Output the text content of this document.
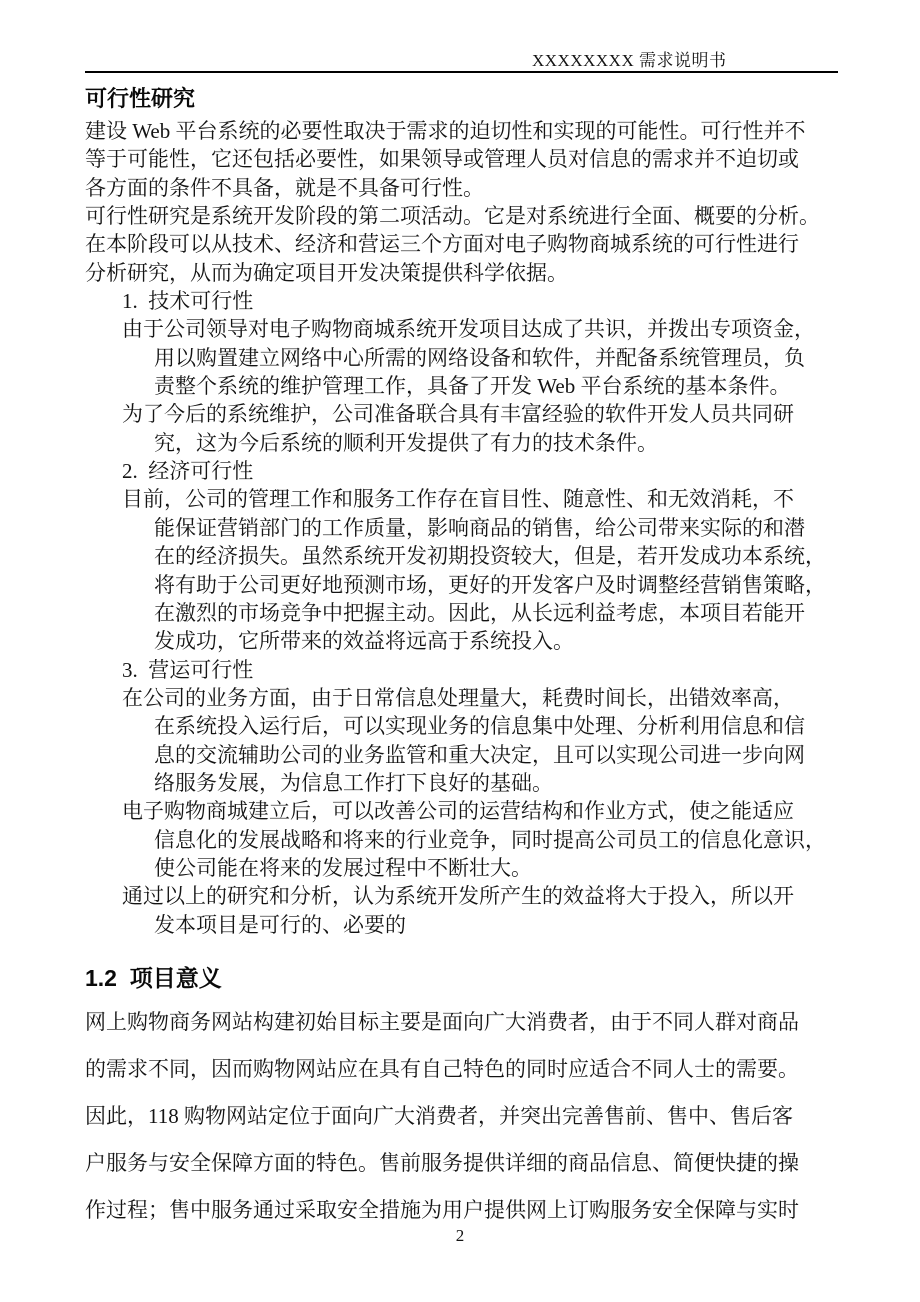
XXXXXXXX 需求说明书
可行性研究
建设 Web 平台系统的必要性取决于需求的迫切性和实现的可能性。可行性并不
等于可能性，它还包括必要性，如果领导或管理人员对信息的需求并不迫切或
各方面的条件不具备，就是不具备可行性。
可行性研究是系统开发阶段的第二项活动。它是对系统进行全面、概要的分析。
在本阶段可以从技术、经济和营运三个方面对电子购物商城系统的可行性进行
分析研究，从而为确定项目开发决策提供科学依据。
1.  技术可行性
由于公司领导对电子购物商城系统开发项目达成了共识，并拨出专项资金，
用以购置建立网络中心所需的网络设备和软件，并配备系统管理员，负
责整个系统的维护管理工作，具备了开发 Web 平台系统的基本条件。
为了今后的系统维护，公司准备联合具有丰富经验的软件开发人员共同研
究，这为今后系统的顺利开发提供了有力的技术条件。
2.  经济可行性
目前，公司的管理工作和服务工作存在盲目性、随意性、和无效消耗，不
能保证营销部门的工作质量，影响商品的销售，给公司带来实际的和潜
在的经济损失。虽然系统开发初期投资较大，但是，若开发成功本系统，
将有助于公司更好地预测市场，更好的开发客户及时调整经营销售策略，
在激烈的市场竞争中把握主动。因此，从长远利益考虑，本项目若能开
发成功，它所带来的效益将远高于系统投入。
3.  营运可行性
在公司的业务方面，由于日常信息处理量大，耗费时间长，出错效率高，
在系统投入运行后，可以实现业务的信息集中处理、分析利用信息和信
息的交流辅助公司的业务监管和重大决定，且可以实现公司进一步向网
络服务发展，为信息工作打下良好的基础。
电子购物商城建立后，可以改善公司的运营结构和作业方式，使之能适应
信息化的发展战略和将来的行业竞争，同时提高公司员工的信息化意识，
使公司能在将来的发展过程中不断壮大。
通过以上的研究和分析，认为系统开发所产生的效益将大于投入，所以开
发本项目是可行的、必要的
1.2  项目意义
网上购物商务网站构建初始目标主要是面向广大消费者，由于不同人群对商品
的需求不同，因而购物网站应在具有自己特色的同时应适合不同人士的需要。
因此，118 购物网站定位于面向广大消费者，并突出完善售前、售中、售后客
户服务与安全保障方面的特色。售前服务提供详细的商品信息、简便快捷的操
作过程；售中服务通过采取安全措施为用户提供网上订购服务安全保障与实时
2
